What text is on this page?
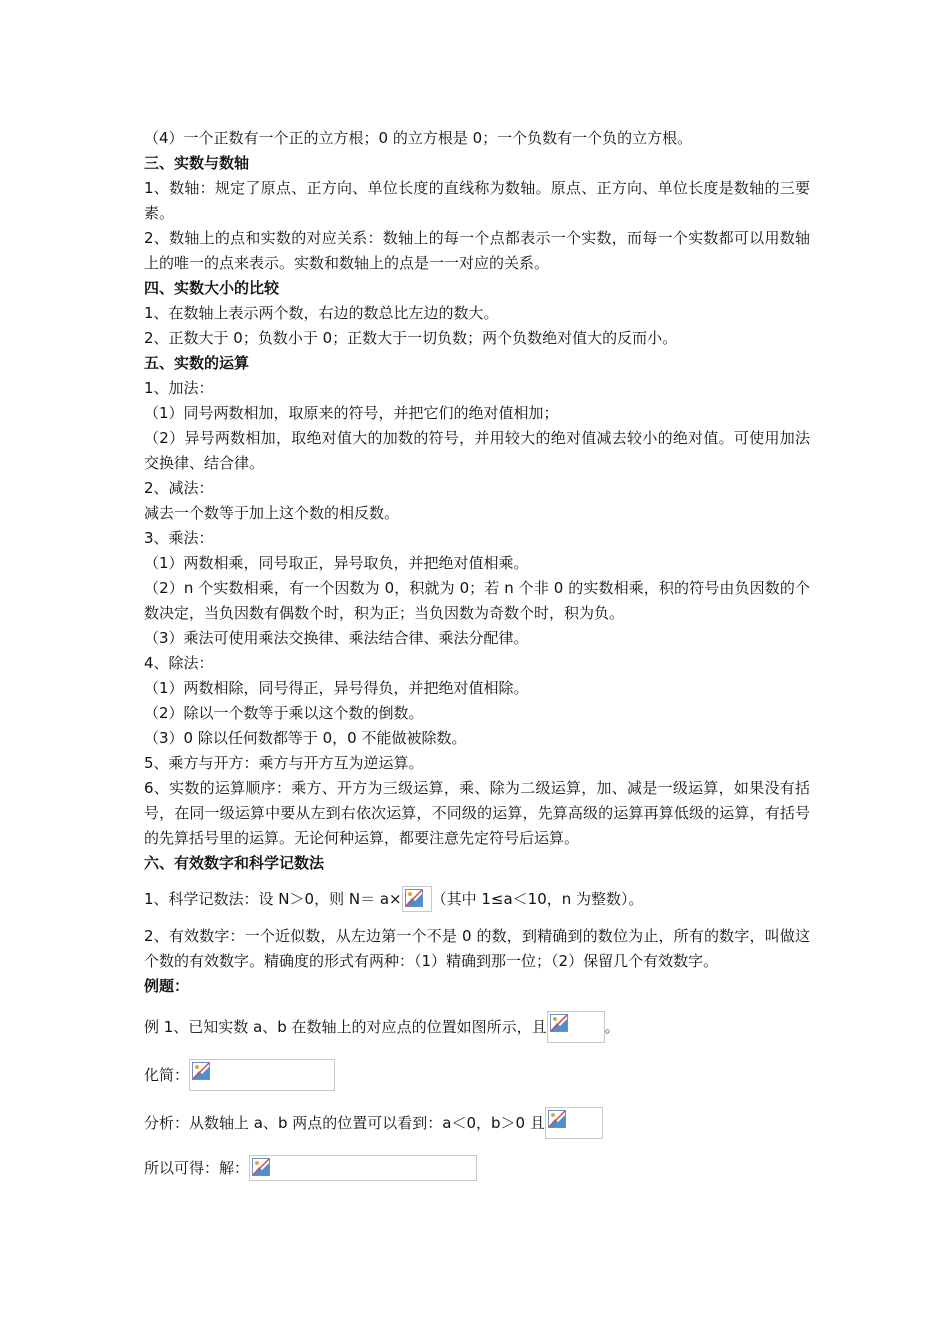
（4）一个正数有一个正的立方根；0 的立方根是 0；一个负数有一个负的立方根。
三、实数与数轴
1、数轴：规定了原点、正方向、单位长度的直线称为数轴。原点、正方向、单位长度是数轴的三要素。
2、数轴上的点和实数的对应关系：数轴上的每一个点都表示一个实数，而每一个实数都可以用数轴上的唯一的点来表示。实数和数轴上的点是一一对应的关系。
四、实数大小的比较
1、在数轴上表示两个数，右边的数总比左边的数大。
2、正数大于 0；负数小于 0；正数大于一切负数；两个负数绝对值大的反而小。
五、实数的运算
1、加法：
（1）同号两数相加，取原来的符号，并把它们的绝对值相加；
（2）异号两数相加，取绝对值大的加数的符号，并用较大的绝对值减去较小的绝对值。可使用加法交换律、结合律。
2、减法：
减去一个数等于加上这个数的相反数。
3、乘法：
（1）两数相乘，同号取正，异号取负，并把绝对值相乘。
（2）n 个实数相乘，有一个因数为 0，积就为 0；若 n 个非 0 的实数相乘，积的符号由负因数的个数决定，当负因数有偶数个时，积为正；当负因数为奇数个时，积为负。
（3）乘法可使用乘法交换律、乘法结合律、乘法分配律。
4、除法：
（1）两数相除，同号得正，异号得负，并把绝对值相除。
（2）除以一个数等于乘以这个数的倒数。
（3）0 除以任何数都等于 0，0 不能做被除数。
5、乘方与开方：乘方与开方互为逆运算。
6、实数的运算顺序：乘方、开方为三级运算，乘、除为二级运算，加、减是一级运算，如果没有括号，在同一级运算中要从左到右依次运算，不同级的运算，先算高级的运算再算低级的运算，有括号的先算括号里的运算。无论何种运算，都要注意先定符号后运算。
六、有效数字和科学记数法
1、科学记数法：设 N＞0，则 N＝ a× （其中 1≤a＜10，n 为整数）。
2、有效数字：一个近似数，从左边第一个不是 0 的数，到精确到的数位为止，所有的数字，叫做这个数的有效数字。精确度的形式有两种：（1）精确到那一位；（2）保留几个有效数字。
例题：
例 1、已知实数 a、b 在数轴上的对应点的位置如图所示，且	。
化简：
分析：从数轴上 a、b 两点的位置可以看到：a＜0，b＞0 且
所以可得：解：
